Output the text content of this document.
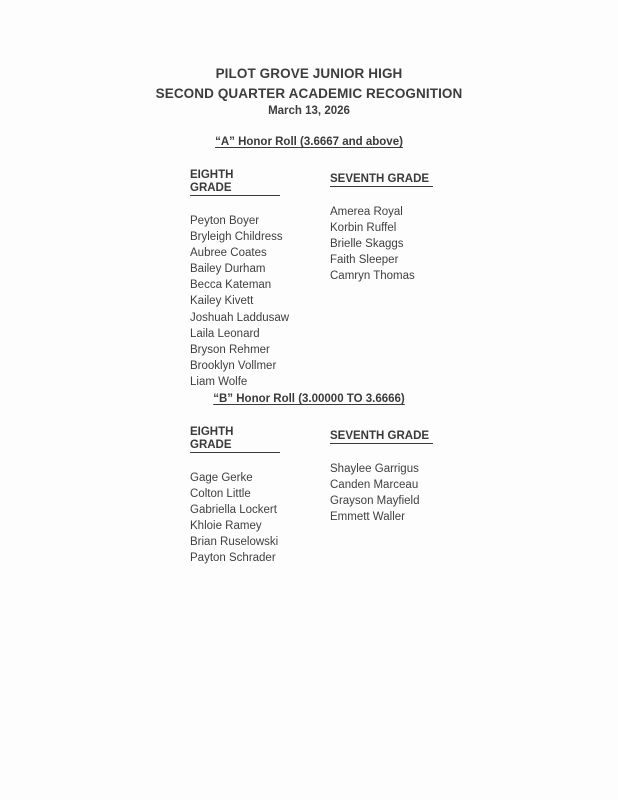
PILOT GROVE JUNIOR HIGH
SECOND QUARTER ACADEMIC RECOGNITION
March 13, 2026
“A” Honor Roll (3.6667 and above)
EIGHTH GRADE
Peyton Boyer
Bryleigh Childress
Aubree Coates
Bailey Durham
Becca Kateman
Kailey Kivett
Joshuah Laddusaw
Laila Leonard
Bryson Rehmer
Brooklyn Vollmer
Liam Wolfe
SEVENTH GRADE
Amerea Royal
Korbin Ruffel
Brielle Skaggs
Faith Sleeper
Camryn Thomas
“B” Honor Roll (3.00000 TO 3.6666)
EIGHTH GRADE
Gage Gerke
Colton Little
Gabriella Lockert
Khloie Ramey
Brian Ruselowski
Payton Schrader
SEVENTH GRADE
Shaylee Garrigus
Canden Marceau
Grayson Mayfield
Emmett Waller
